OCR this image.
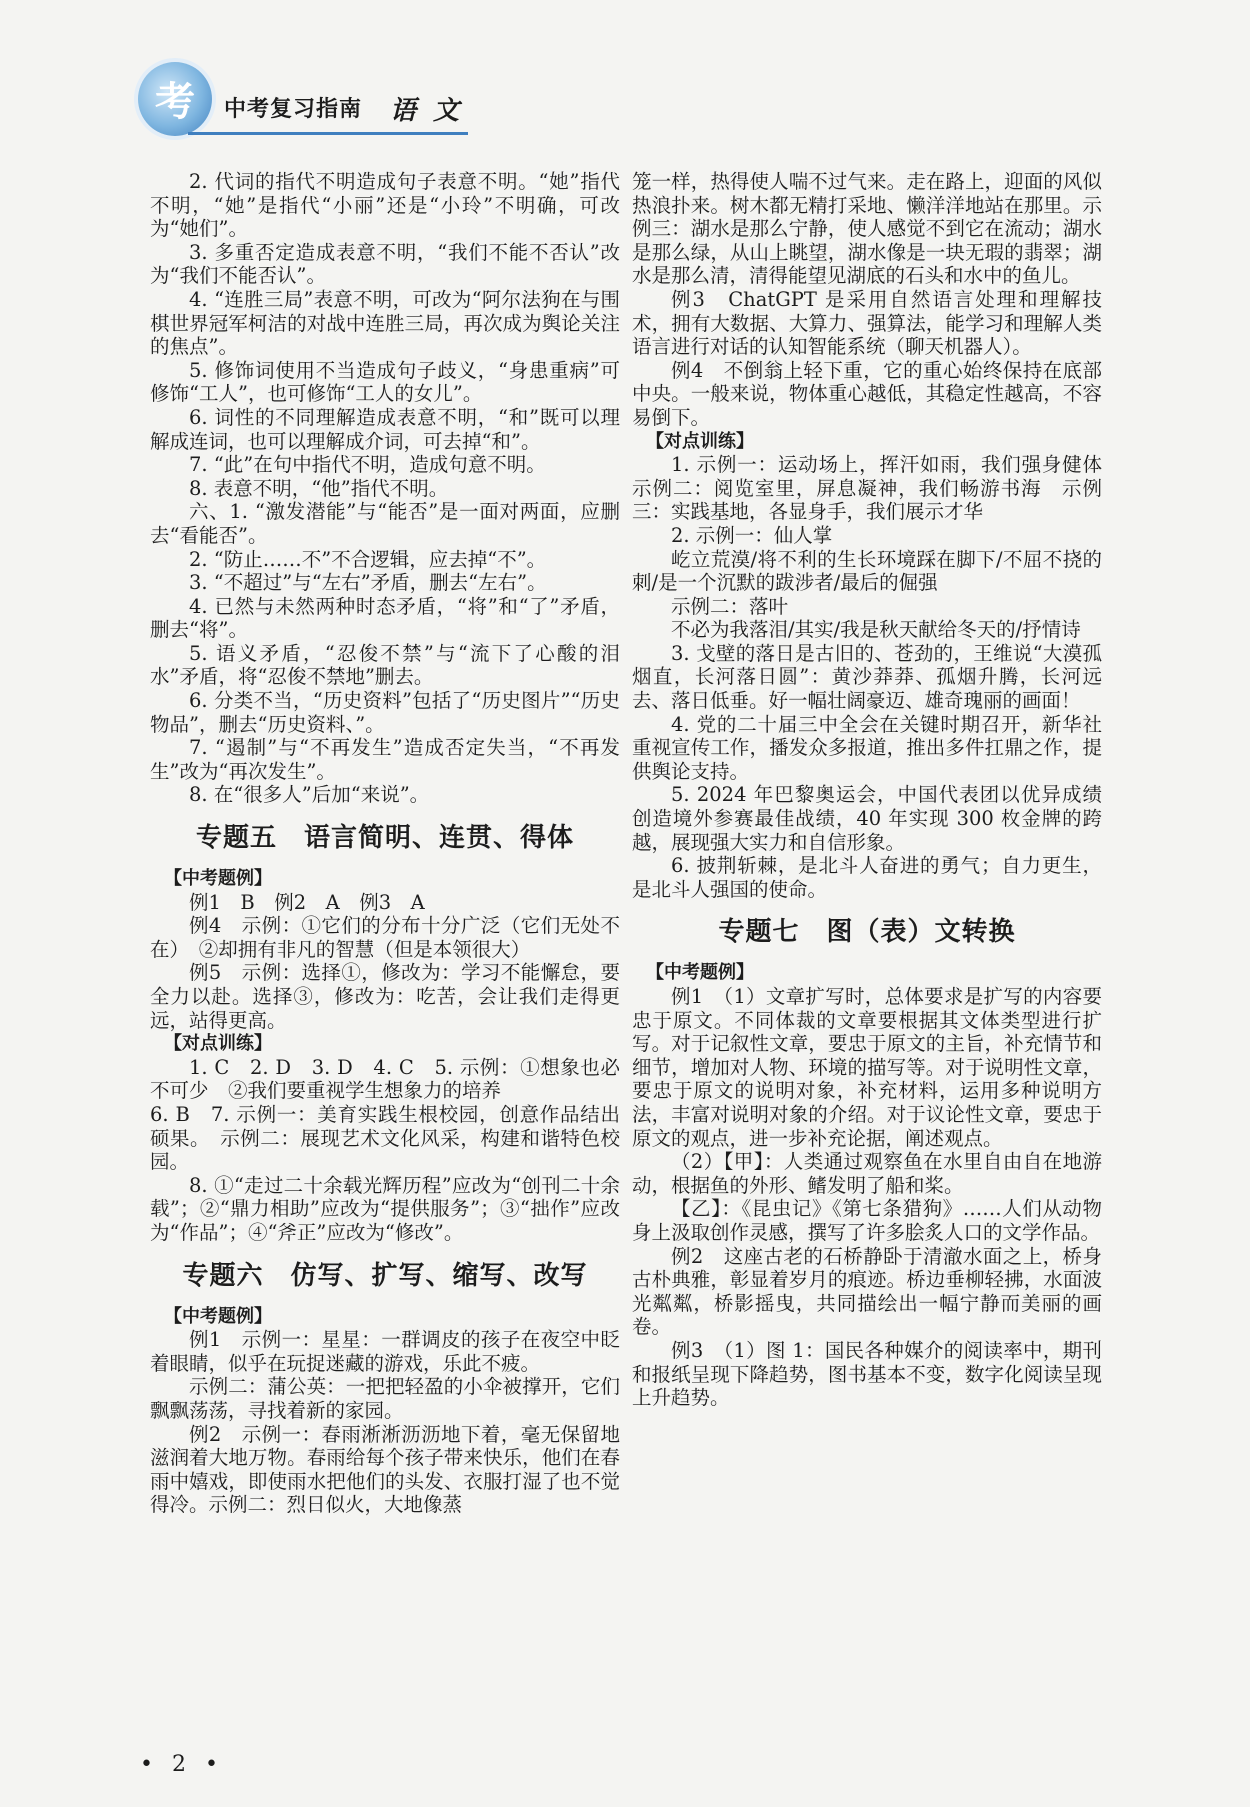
考	中考复习指南 语 文

2. 代词的指代不明造成句子表意不明。“她”指代不明，“她”是指代“小丽”还是“小玲”不明确，可改为“她们”。

3. 多重否定造成表意不明，“我们不能不否认”改为“我们不能否认”。

4. “连胜三局”表意不明，可改为“阿尔法狗在与围棋世界冠军柯洁的对战中连胜三局，再次成为舆论关注的焦点”。

5. 修饰词使用不当造成句子歧义，“身患重病”可修饰“工人”，也可修饰“工人的女儿”。

6. 词性的不同理解造成表意不明，“和”既可以理解成连词，也可以理解成介词，可去掉“和”。

7. “此”在句中指代不明，造成句意不明。

8. 表意不明，“他”指代不明。

六、1. “激发潜能”与“能否”是一面对两面，应删去“看能否”。

2. “防止……不”不合逻辑，应去掉“不”。

3. “不超过”与“左右”矛盾，删去“左右”。

4. 已然与未然两种时态矛盾，“将”和“了”矛盾，删去“将”。

5. 语义矛盾，“忍俊不禁”与“流下了心酸的泪水”矛盾，将“忍俊不禁地”删去。

6. 分类不当，“历史资料”包括了“历史图片”“历史物品”，删去“历史资料、”。

7. “遏制”与“不再发生”造成否定失当，“不再发生”改为“再次发生”。

8. 在“很多人”后加“来说”。

专题五　语言简明、连贯、得体

【中考题例】

例1　B　例2　A　例3　A

例4　示例：①它们的分布十分广泛（它们无处不在）　②却拥有非凡的智慧（但是本领很大）

例5　示例：选择①，修改为：学习不能懈怠，要全力以赴。选择③，修改为：吃苦，会让我们走得更远，站得更高。

【对点训练】

1. C　2. D　3. D　4. C　5. 示例：①想象也必不可少　②我们要重视学生想象力的培养

6. B　7. 示例一：美育实践生根校园，创意作品结出硕果。　示例二：展现艺术文化风采，构建和谐特色校园。

8. ①“走过二十余载光辉历程”应改为“创刊二十余载”；②“鼎力相助”应改为“提供服务”；③“拙作”应改为“作品”；④“斧正”应改为“修改”。

专题六　仿写、扩写、缩写、改写

【中考题例】

例1　示例一：星星：一群调皮的孩子在夜空中眨着眼睛，似乎在玩捉迷藏的游戏，乐此不疲。

示例二：蒲公英：一把把轻盈的小伞被撑开，它们飘飘荡荡，寻找着新的家园。

例2　示例一：春雨淅淅沥沥地下着，毫无保留地滋润着大地万物。春雨给每个孩子带来快乐，他们在春雨中嬉戏，即使雨水把他们的头发、衣服打湿了也不觉得冷。示例二：烈日似火，大地像蒸

笼一样，热得使人喘不过气来。走在路上，迎面的风似热浪扑来。树木都无精打采地、懒洋洋地站在那里。示例三：湖水是那么宁静，使人感觉不到它在流动；湖水是那么绿，从山上眺望，湖水像是一块无瑕的翡翠；湖水是那么清，清得能望见湖底的石头和水中的鱼儿。

例3　ChatGPT 是采用自然语言处理和理解技术，拥有大数据、大算力、强算法，能学习和理解人类语言进行对话的认知智能系统（聊天机器人）。

例4　不倒翁上轻下重，它的重心始终保持在底部中央。一般来说，物体重心越低，其稳定性越高，不容易倒下。

【对点训练】

1. 示例一：运动场上，挥汗如雨，我们强身健体　示例二：阅览室里，屏息凝神，我们畅游书海　示例三：实践基地，各显身手，我们展示才华

2. 示例一：仙人掌

屹立荒漠/将不利的生长环境踩在脚下/不屈不挠的刺/是一个沉默的跋涉者/最后的倔强

示例二：落叶

不必为我落泪/其实/我是秋天献给冬天的/抒情诗

3. 戈壁的落日是古旧的、苍劲的，王维说“大漠孤烟直，长河落日圆”：黄沙莽莽、孤烟升腾，长河远去、落日低垂。好一幅壮阔豪迈、雄奇瑰丽的画面！

4. 党的二十届三中全会在关键时期召开，新华社重视宣传工作，播发众多报道，推出多件扛鼎之作，提供舆论支持。

5. 2024 年巴黎奥运会，中国代表团以优异成绩创造境外参赛最佳战绩，40 年实现 300 枚金牌的跨越，展现强大实力和自信形象。

6. 披荆斩棘，是北斗人奋进的勇气；自力更生，是北斗人强国的使命。

专题七　图（表）文转换

【中考题例】

例1　（1）文章扩写时，总体要求是扩写的内容要忠于原文。不同体裁的文章要根据其文体类型进行扩写。对于记叙性文章，要忠于原文的主旨，补充情节和细节，增加对人物、环境的描写等。对于说明性文章，要忠于原文的说明对象，补充材料，运用多种说明方法，丰富对说明对象的介绍。对于议论性文章，要忠于原文的观点，进一步补充论据，阐述观点。

（2）【甲】：人类通过观察鱼在水里自由自在地游动，根据鱼的外形、鳍发明了船和桨。

【乙】：《昆虫记》《第七条猎狗》……人们从动物身上汲取创作灵感，撰写了许多脍炙人口的文学作品。

例2　这座古老的石桥静卧于清澈水面之上，桥身古朴典雅，彰显着岁月的痕迹。桥边垂柳轻拂，水面波光粼粼，桥影摇曳，共同描绘出一幅宁静而美丽的画卷。

例3　（1）图 1：国民各种媒介的阅读率中，期刊和报纸呈现下降趋势，图书基本不变，数字化阅读呈现上升趋势。

• 2 •
